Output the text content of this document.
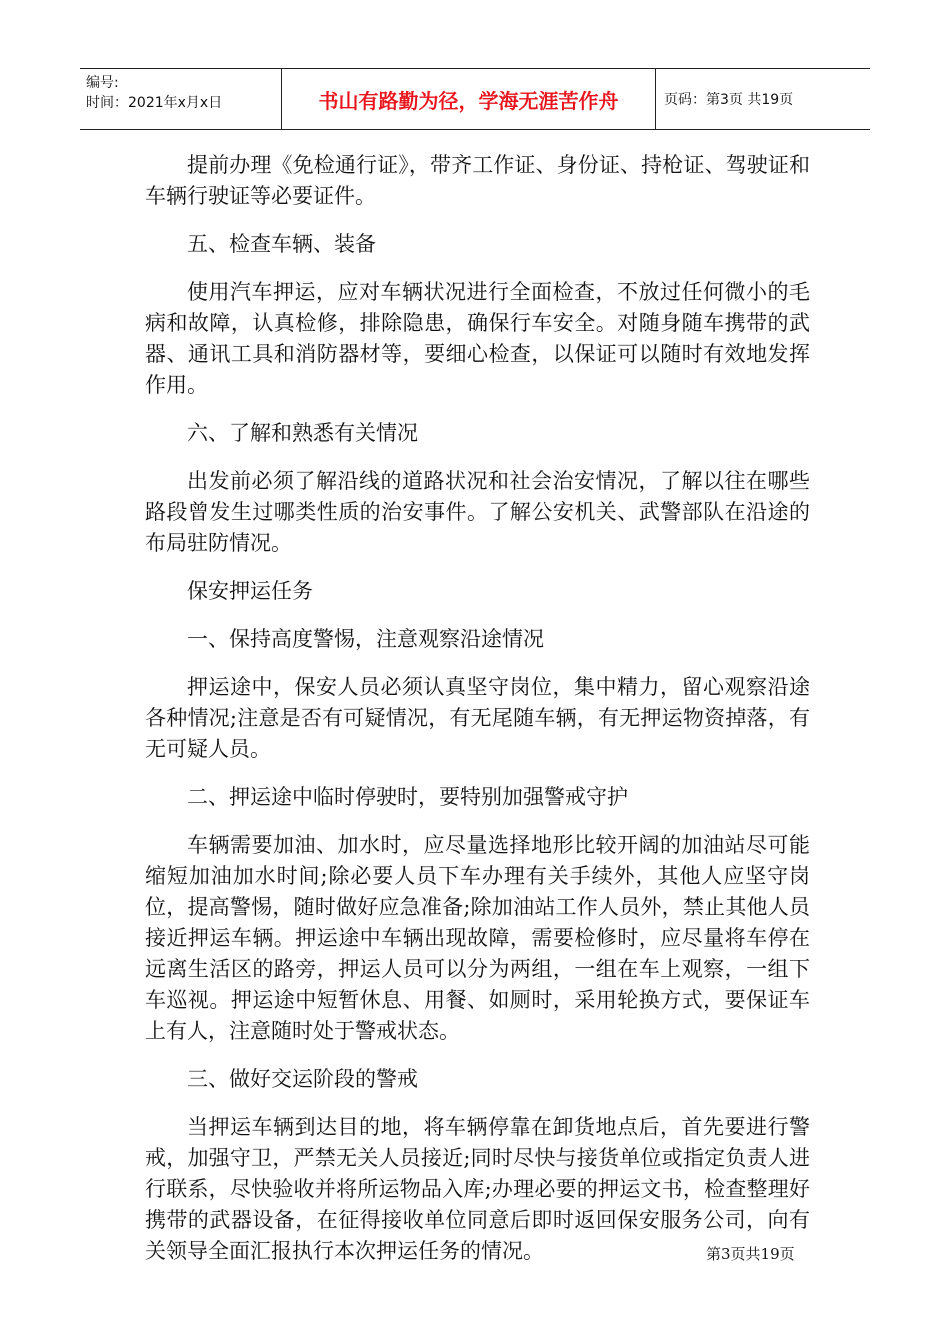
编号:
时间：2021年x月x日	书山有路勤为径，学海无涯苦作舟	页码：第3页 共19页

提前办理《免检通行证》，带齐工作证、身份证、持枪证、驾驶证和车辆行驶证等必要证件。

五、检查车辆、装备

使用汽车押运，应对车辆状况进行全面检查，不放过任何微小的毛病和故障，认真检修，排除隐患，确保行车安全。对随身随车携带的武器、通讯工具和消防器材等，要细心检查，以保证可以随时有效地发挥作用。

六、了解和熟悉有关情况

出发前必须了解沿线的道路状况和社会治安情况，了解以往在哪些路段曾发生过哪类性质的治安事件。了解公安机关、武警部队在沿途的布局驻防情况。

保安押运任务

一、保持高度警惕，注意观察沿途情况

押运途中，保安人员必须认真坚守岗位，集中精力，留心观察沿途各种情况;注意是否有可疑情况，有无尾随车辆，有无押运物资掉落，有无可疑人员。

二、押运途中临时停驶时，要特别加强警戒守护

车辆需要加油、加水时，应尽量选择地形比较开阔的加油站尽可能缩短加油加水时间;除必要人员下车办理有关手续外，其他人应坚守岗位，提高警惕，随时做好应急准备;除加油站工作人员外，禁止其他人员接近押运车辆。押运途中车辆出现故障，需要检修时，应尽量将车停在远离生活区的路旁，押运人员可以分为两组，一组在车上观察，一组下车巡视。押运途中短暂休息、用餐、如厕时，采用轮换方式，要保证车上有人，注意随时处于警戒状态。

三、做好交运阶段的警戒

当押运车辆到达目的地，将车辆停靠在卸货地点后，首先要进行警戒，加强守卫，严禁无关人员接近;同时尽快与接货单位或指定负责人进行联系，尽快验收并将所运物品入库;办理必要的押运文书，检查整理好携带的武器设备，在征得接收单位同意后即时返回保安服务公司，向有关领导全面汇报执行本次押运任务的情况。	第3页共19页
